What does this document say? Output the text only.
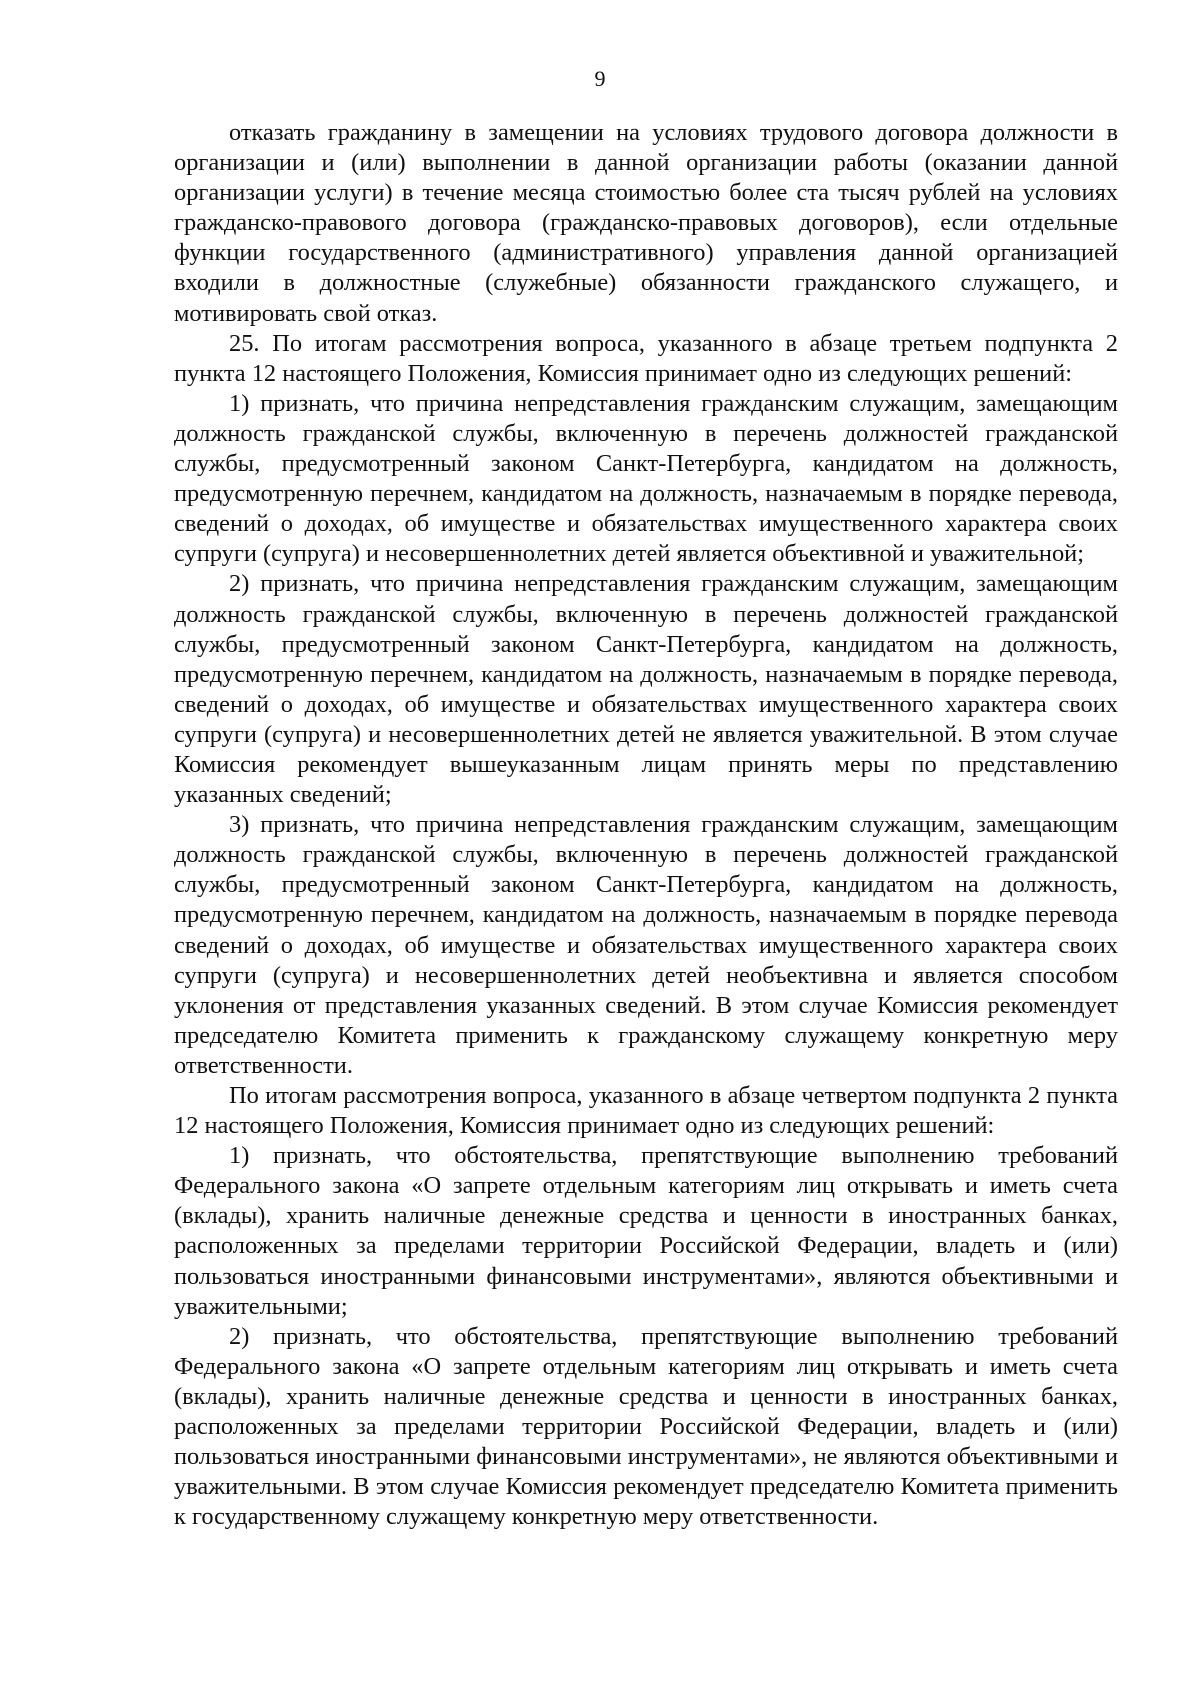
9

отказать гражданину в замещении на условиях трудового договора должности в организации и (или) выполнении в данной организации работы (оказании данной организации услуги) в течение месяца стоимостью более ста тысяч рублей на условиях гражданско-правового договора (гражданско-правовых договоров), если отдельные функции государственного (административного) управления данной организацией входили в должностные (служебные) обязанности гражданского служащего, и мотивировать свой отказ.

25. По итогам рассмотрения вопроса, указанного в абзаце третьем подпункта 2 пункта 12 настоящего Положения, Комиссия принимает одно из следующих решений:

1) признать, что причина непредставления гражданским служащим, замещающим должность гражданской службы, включенную в перечень должностей гражданской службы, предусмотренный законом Санкт-Петербурга, кандидатом на должность, предусмотренную перечнем, кандидатом на должность, назначаемым в порядке перевода, сведений о доходах, об имуществе и обязательствах имущественного характера своих супруги (супруга) и несовершеннолетних детей является объективной и уважительной;

2) признать, что причина непредставления гражданским служащим, замещающим должность гражданской службы, включенную в перечень должностей гражданской службы, предусмотренный законом Санкт-Петербурга, кандидатом на должность, предусмотренную перечнем, кандидатом на должность, назначаемым в порядке перевода, сведений о доходах, об имуществе и обязательствах имущественного характера своих супруги (супруга) и несовершеннолетних детей не является уважительной. В этом случае Комиссия рекомендует вышеуказанным лицам принять меры по представлению указанных сведений;

3) признать, что причина непредставления гражданским служащим, замещающим должность гражданской службы, включенную в перечень должностей гражданской службы, предусмотренный законом Санкт-Петербурга, кандидатом на должность, предусмотренную перечнем, кандидатом на должность, назначаемым в порядке перевода сведений о доходах, об имуществе и обязательствах имущественного характера своих супруги (супруга) и несовершеннолетних детей необъективна и является способом уклонения от представления указанных сведений. В этом случае Комиссия рекомендует председателю Комитета применить к гражданскому служащему конкретную меру ответственности.

По итогам рассмотрения вопроса, указанного в абзаце четвертом подпункта 2 пункта 12 настоящего Положения, Комиссия принимает одно из следующих решений:

1) признать, что обстоятельства, препятствующие выполнению требований Федерального закона «О запрете отдельным категориям лиц открывать и иметь счета (вклады), хранить наличные денежные средства и ценности в иностранных банках, расположенных за пределами территории Российской Федерации, владеть и (или) пользоваться иностранными финансовыми инструментами», являются объективными и уважительными;

2) признать, что обстоятельства, препятствующие выполнению требований Федерального закона «О запрете отдельным категориям лиц открывать и иметь счета (вклады), хранить наличные денежные средства и ценности в иностранных банках, расположенных за пределами территории Российской Федерации, владеть и (или) пользоваться иностранными финансовыми инструментами», не являются объективными и уважительными. В этом случае Комиссия рекомендует председателю Комитета применить к государственному служащему конкретную меру ответственности.
